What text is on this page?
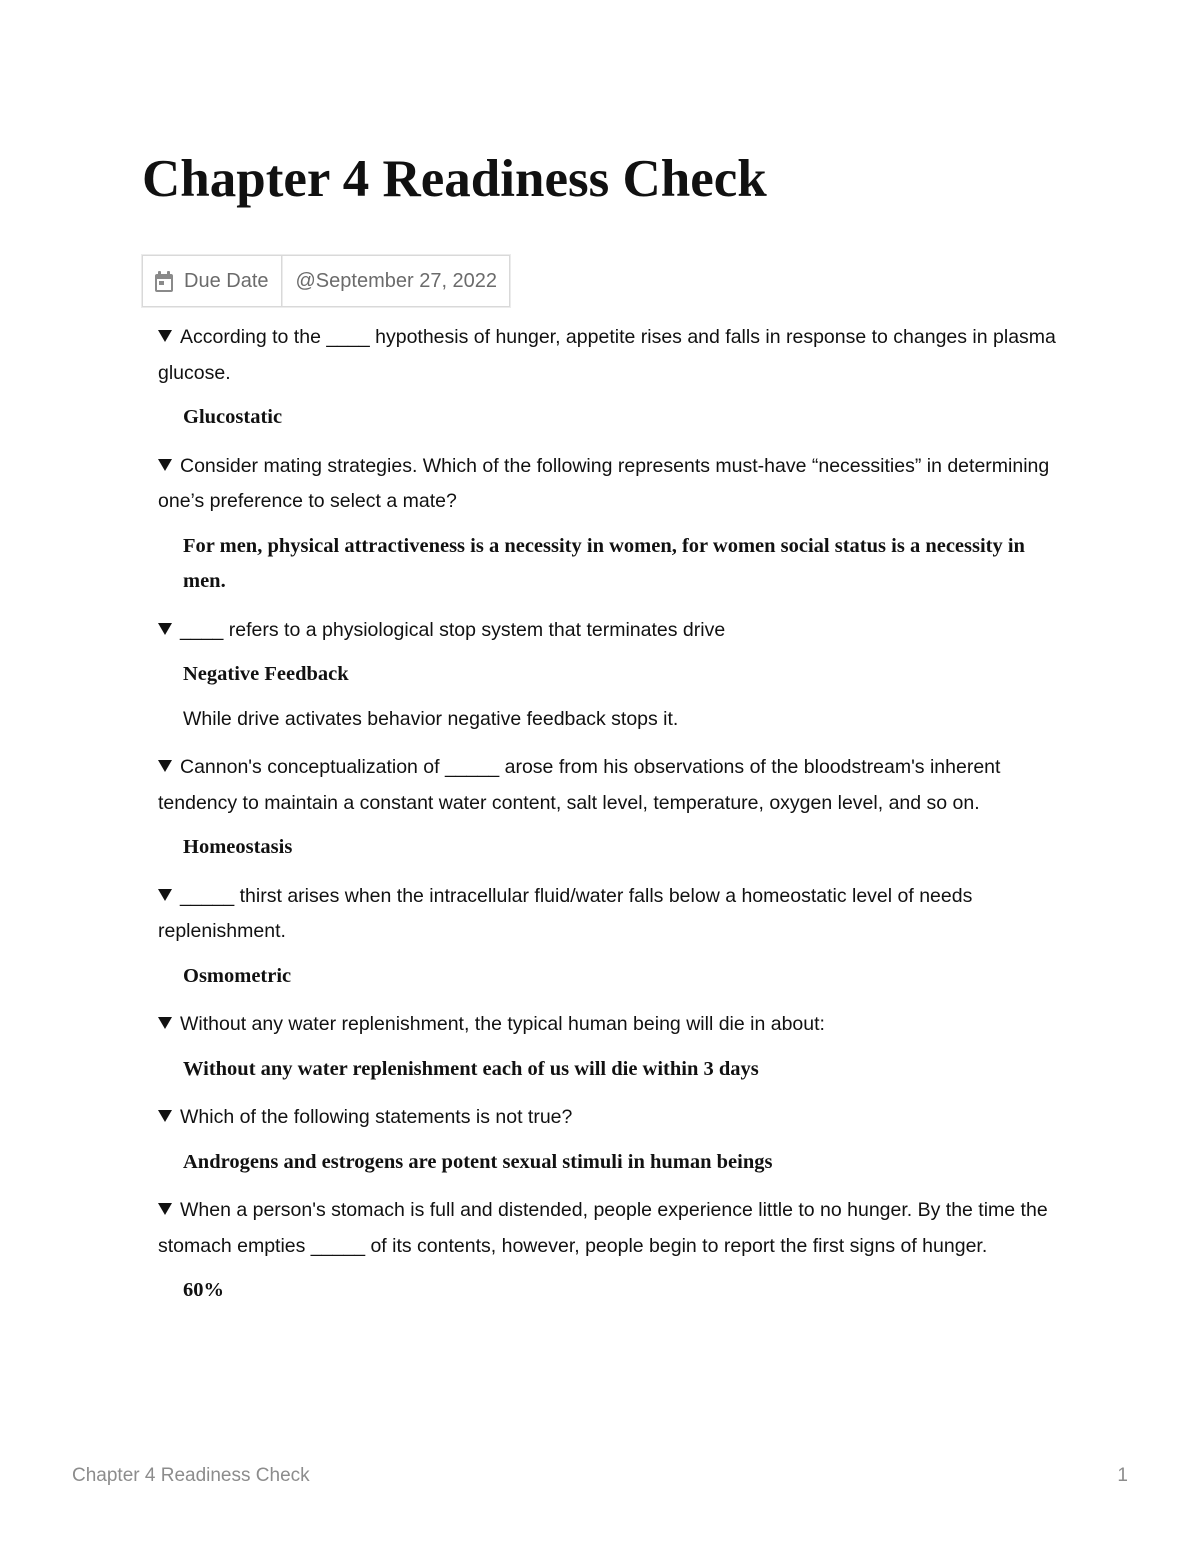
Chapter 4 Readiness Check
Due Date @September 27, 2022

According to the ____ hypothesis of hunger, appetite rises and falls in response to changes in plasma glucose.

Glucostatic

Consider mating strategies. Which of the following represents must-have “necessities” in determining one’s preference to select a mate?

For men, physical attractiveness is a necessity in women, for women social status is a necessity in men.

____ refers to a physiological stop system that terminates drive

Negative Feedback

While drive activates behavior negative feedback stops it.

Cannon's conceptualization of _____ arose from his observations of the bloodstream's inherent tendency to maintain a constant water content, salt level, temperature, oxygen level, and so on.

Homeostasis

_____ thirst arises when the intracellular fluid/water falls below a homeostatic level of needs replenishment.

Osmometric

Without any water replenishment, the typical human being will die in about:

Without any water replenishment each of us will die within 3 days

Which of the following statements is not true?

Androgens and estrogens are potent sexual stimuli in human beings

When a person's stomach is full and distended, people experience little to no hunger. By the time the stomach empties _____ of its contents, however, people begin to report the first signs of hunger.

60%

Chapter 4 Readiness Check	1
